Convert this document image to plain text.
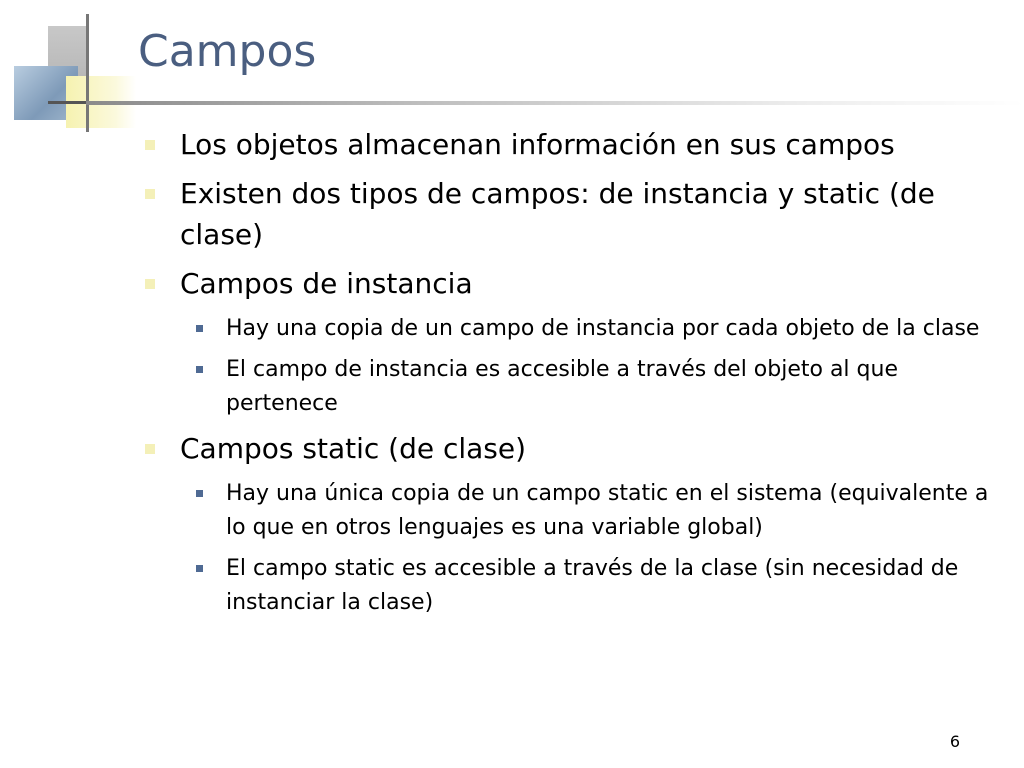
Campos
Los objetos almacenan información en sus campos
Existen dos tipos de campos: de instancia y static (de clase)
Campos de instancia
Hay una copia de un campo de instancia por cada objeto de la clase
El campo de instancia es accesible a través del objeto al que pertenece
Campos static (de clase)
Hay una única copia de un campo static en el sistema (equivalente a lo que en otros lenguajes es una variable global)
El campo static es accesible a través de la clase (sin necesidad de instanciar la clase)
6
